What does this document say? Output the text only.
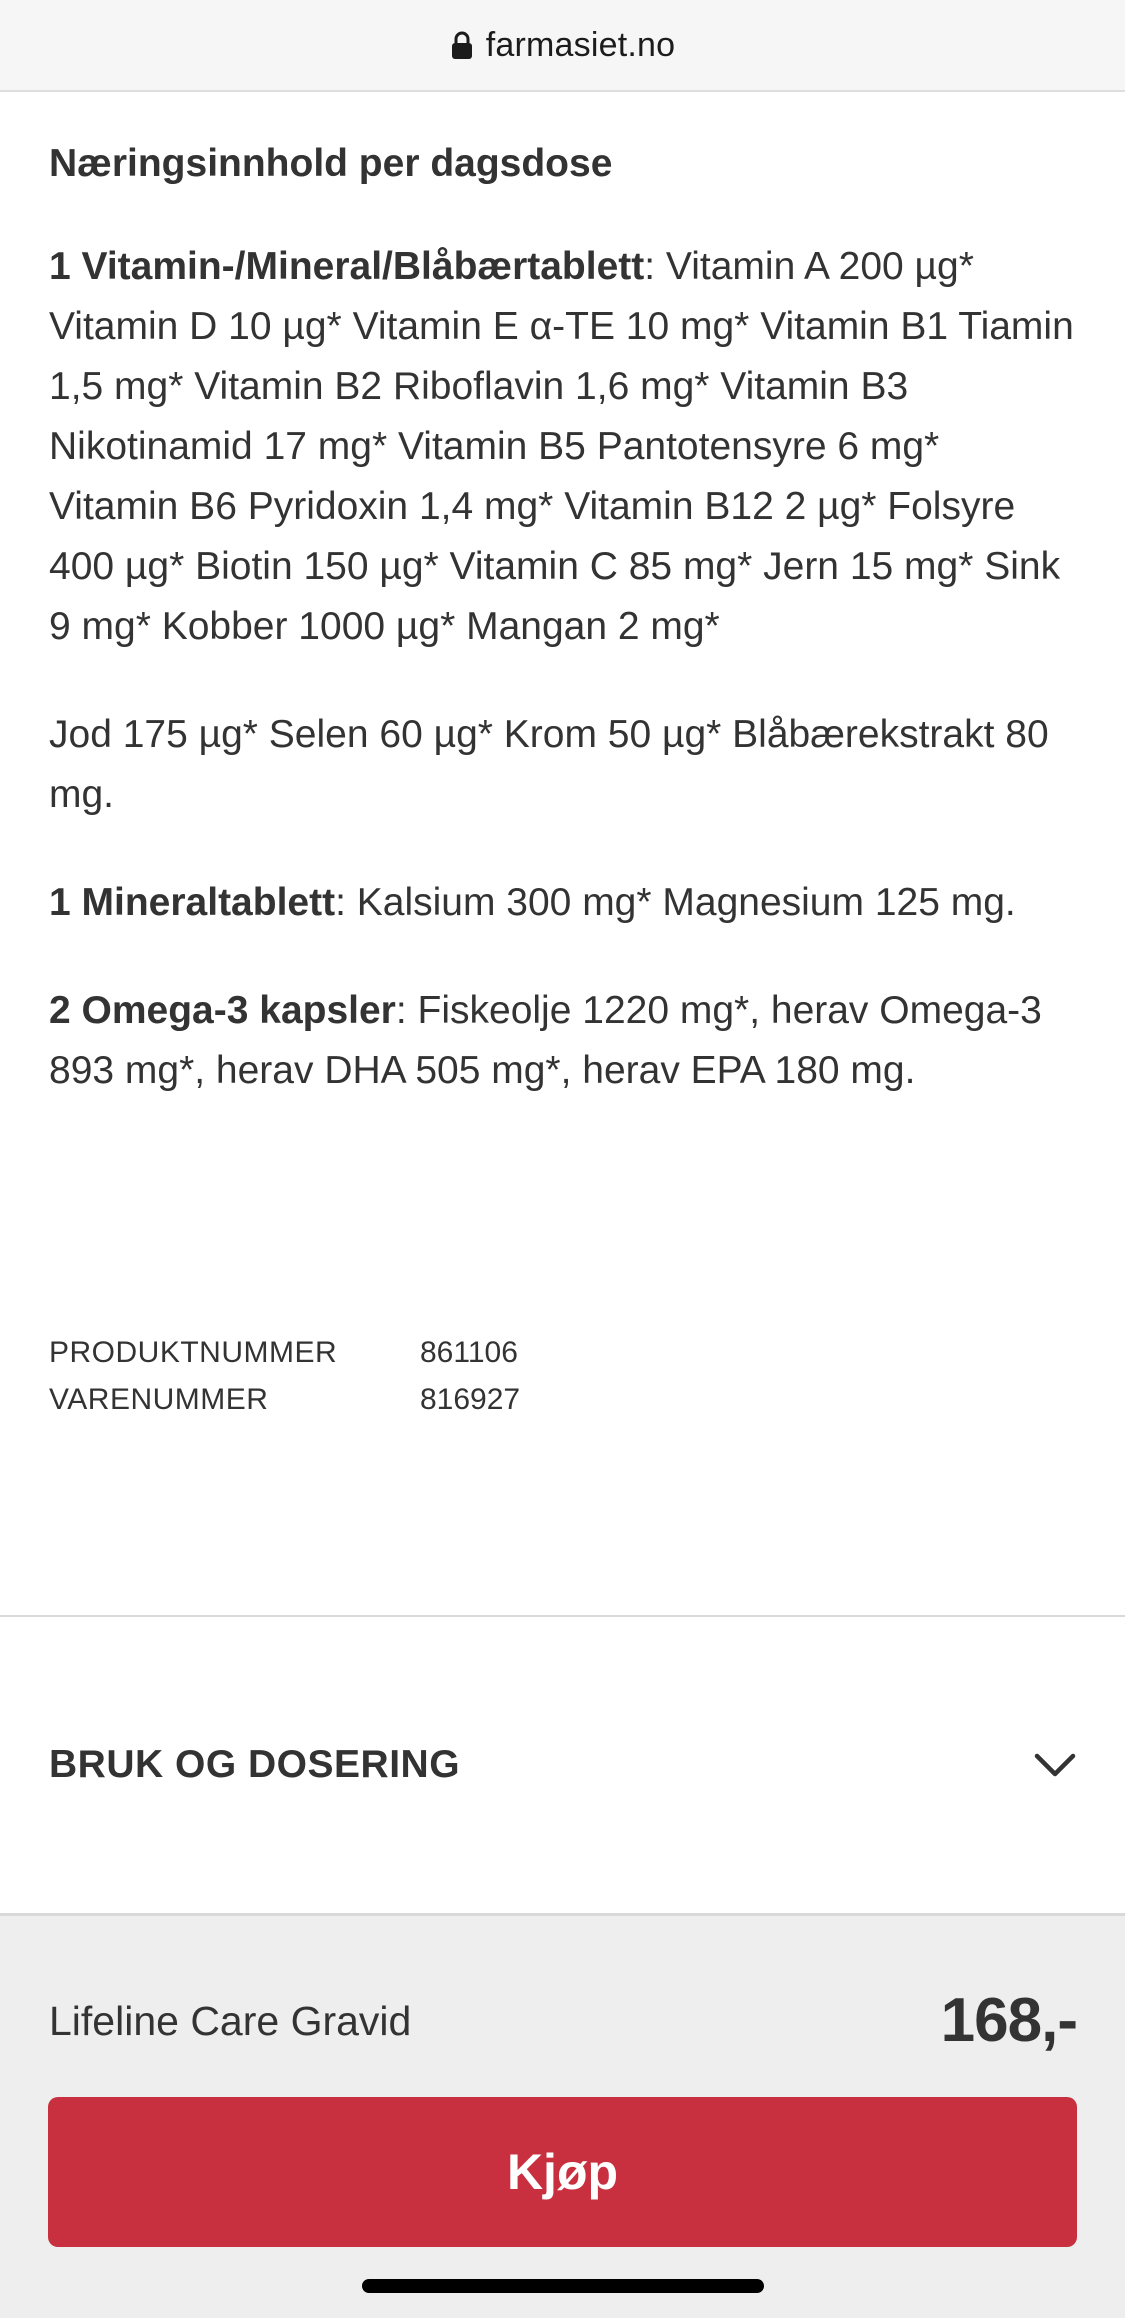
farmasiet.no
Næringsinnhold per dagsdose

1 Vitamin-/Mineral/Blåbærtablett: Vitamin A 200 µg* Vitamin D 10 µg* Vitamin E α-TE 10 mg* Vitamin B1 Tiamin 1,5 mg* Vitamin B2 Riboflavin 1,6 mg* Vitamin B3 Nikotinamid 17 mg* Vitamin B5 Pantotensyre 6 mg* Vitamin B6 Pyridoxin 1,4 mg* Vitamin B12 2 µg* Folsyre 400 µg* Biotin 150 µg* Vitamin C 85 mg* Jern 15 mg* Sink 9 mg* Kobber 1000 µg* Mangan 2 mg*

Jod 175 µg* Selen 60 µg* Krom 50 µg* Blåbærekstrakt 80 mg.

1 Mineraltablett: Kalsium 300 mg* Magnesium 125 mg.

2 Omega-3 kapsler: Fiskeolje 1220 mg*, herav Omega-3 893 mg*, herav DHA 505 mg*, herav EPA 180 mg.

PRODUKTNUMMER	861106
VARENUMMER	816927
BRUK OG DOSERING
Lifeline Care Gravid	168,-
Kjøp
